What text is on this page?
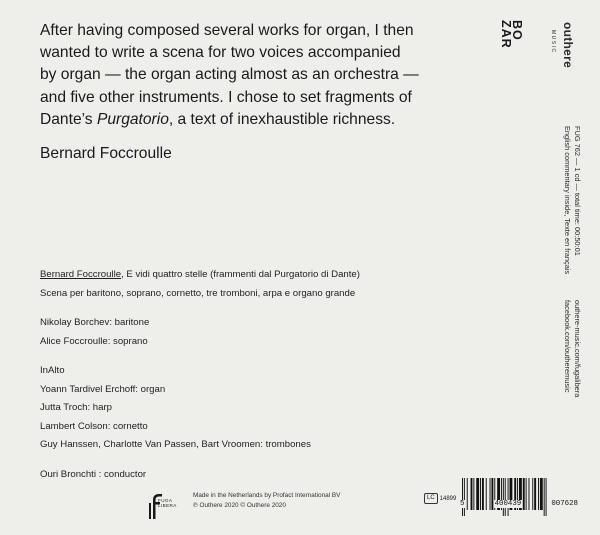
After having composed several works for organ, I then
wanted to write a scena for two voices accompanied
by organ — the organ acting almost as an orchestra —
and five other instruments. I chose to set fragments of
Dante’s Purgatorio, a text of inexhaustible richness.
Bernard Foccroulle
Bernard Foccroulle, E vidi quattro stelle (frammenti dal Purgatorio di Dante)
Scena per baritono, soprano, cornetto, tre tromboni, arpa e organo grande
Nikolay Borchev: baritone
Alice Foccroulle: soprano
InAlto
Yoann Tardivel Erchoff: organ
Jutta Troch: harp
Lambert Colson: cornetto
Guy Hanssen, Charlotte Van Passen, Bart Vroomen: trombones
Ouri Bronchti : conductor
BO
ZAR	outhere
MUSIC
FUG 762 — 1 cd — total time: 00:50:01
English commentary inside, Texte en français
outhere-music.com/fugalibera
facebook.com/outheremusic
FUGA
LIBERA
Made in the Netherlands by Profact International BV
℗ Outhere 2020 © Outhere 2020
LC 14899
5	400439	007628
